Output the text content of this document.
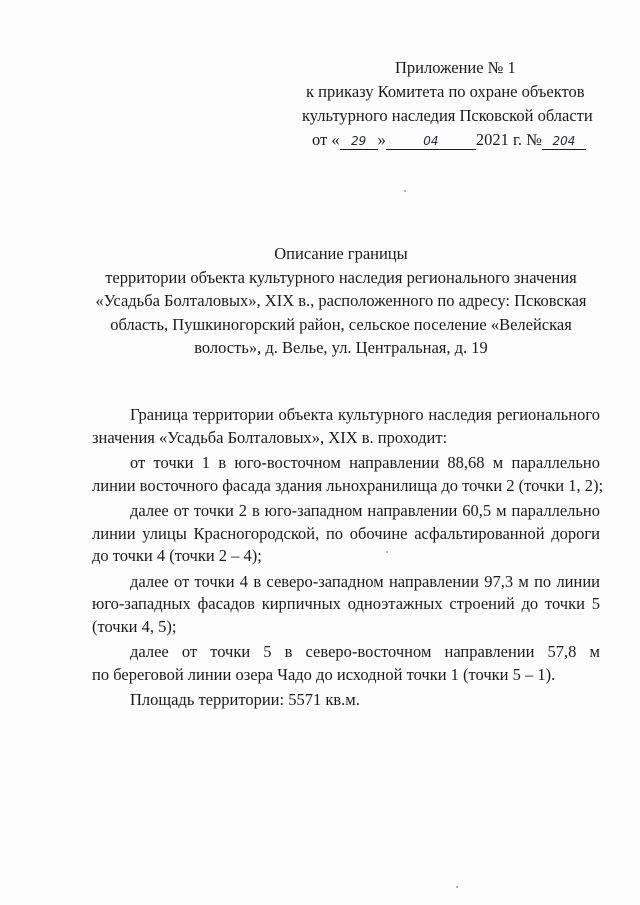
Приложение № 1
к приказу Комитета по охране объектов
культурного наследия Псковской области
от « 29 »	04 2021 г. № 204
Описание границы
территории объекта культурного наследия регионального значения
«Усадьба Болталовых», XIX в., расположенного по адресу: Псковская
область, Пушкиногорский район, сельское поселение «Велейская
волость», д. Велье, ул. Центральная, д. 19
Граница территории объекта культурного наследия регионального
значения «Усадьба Болталовых», XIX в. проходит:
от точки 1 в юго-восточном направлении 88,68 м параллельно
линии восточного фасада здания льнохранилища до точки 2 (точки 1, 2);
далее от точки 2 в юго-западном направлении 60,5 м параллельно
линии улицы Красногородской, по обочине асфальтированной дороги
до точки 4 (точки 2 – 4);
далее от точки 4 в северо-западном направлении 97,3 м по линии
юго-западных фасадов кирпичных одноэтажных строений до точки 5
(точки 4, 5);
далее от точки 5 в северо-восточном направлении 57,8 м
по береговой линии озера Чадо до исходной точки 1 (точки 5 – 1).
Площадь территории: 5571 кв.м.
